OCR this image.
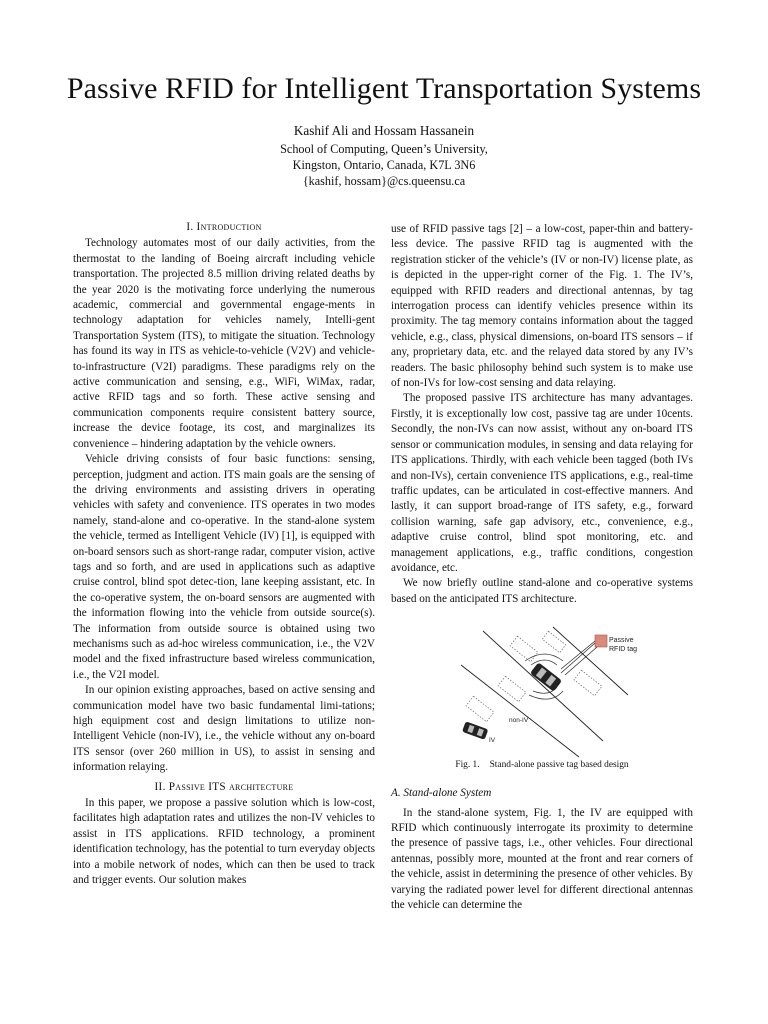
Passive RFID for Intelligent Transportation Systems
Kashif Ali and Hossam Hassanein
School of Computing, Queen’s University,
Kingston, Ontario, Canada, K7L 3N6
{kashif, hossam}@cs.queensu.ca
I. Introduction

Technology automates most of our daily activities, from the thermostat to the landing of Boeing aircraft including vehicle transportation. The projected 8.5 million driving related deaths by the year 2020 is the motivating force underlying the numerous academic, commercial and governmental engage-ments in technology adaptation for vehicles namely, Intelli-gent Transportation System (ITS), to mitigate the situation. Technology has found its way in ITS as vehicle-to-vehicle (V2V) and vehicle-to-infrastructure (V2I) paradigms. These paradigms rely on the active communication and sensing, e.g., WiFi, WiMax, radar, active RFID tags and so forth. These active sensing and communication components require consistent battery source, increase the device footage, its cost, and marginalizes its convenience – hindering adaptation by the vehicle owners.

Vehicle driving consists of four basic functions: sensing, perception, judgment and action. ITS main goals are the sensing of the driving environments and assisting drivers in operating vehicles with safety and convenience. ITS operates in two modes namely, stand-alone and co-operative. In the stand-alone system the vehicle, termed as Intelligent Vehicle (IV) [1], is equipped with on-board sensors such as short-range radar, computer vision, active tags and so forth, and are used in applications such as adaptive cruise control, blind spot detec-tion, lane keeping assistant, etc. In the co-operative system, the on-board sensors are augmented with the information flowing into the vehicle from outside source(s). The information from outside source is obtained using two mechanisms such as ad-hoc wireless communication, i.e., the V2V model and the fixed infrastructure based wireless communication, i.e., the V2I model.

In our opinion existing approaches, based on active sensing and communication model have two basic fundamental limi-tations; high equipment cost and design limitations to utilize non-Intelligent Vehicle (non-IV), i.e., the vehicle without any on-board ITS sensor (over 260 million in US), to assist in sensing and information relaying.

II. Passive ITS architecture

In this paper, we propose a passive solution which is low-cost, facilitates high adaptation rates and utilizes the non-IV vehicles to assist in ITS applications. RFID technology, a prominent identification technology, has the potential to turn everyday objects into a mobile network of nodes, which can then be used to track and trigger events. Our solution makes

use of RFID passive tags [2] – a low-cost, paper-thin and battery-less device. The passive RFID tag is augmented with the registration sticker of the vehicle’s (IV or non-IV) license plate, as is depicted in the upper-right corner of the Fig. 1. The IV’s, equipped with RFID readers and directional antennas, by tag interrogation process can identify vehicles presence within its proximity. The tag memory contains information about the tagged vehicle, e.g., class, physical dimensions, on-board ITS sensors – if any, proprietary data, etc. and the relayed data stored by any IV’s readers. The basic philosophy behind such system is to make use of non-IVs for low-cost sensing and data relaying.

The proposed passive ITS architecture has many advantages. Firstly, it is exceptionally low cost, passive tag are under 10cents. Secondly, the non-IVs can now assist, without any on-board ITS sensor or communication modules, in sensing and data relaying for ITS applications. Thirdly, with each vehicle been tagged (both IVs and non-IVs), certain convenience ITS applications, e.g., real-time traffic updates, can be articulated in cost-effective manners. And lastly, it can support broad-range of ITS safety, e.g., forward collision warning, safe gap advisory, etc., convenience, e.g., adaptive cruise control, blind spot monitoring, etc. and management applications, e.g., traffic conditions, congestion avoidance, etc.

We now briefly outline stand-alone and co-operative systems based on the anticipated ITS architecture.

Passive
RFID tag
non-IV
IV
Fig. 1. Stand-alone passive tag based design
A. Stand-alone System

In the stand-alone system, Fig. 1, the IV are equipped with RFID which continuously interrogate its proximity to determine the presence of passive tags, i.e., other vehicles. Four directional antennas, possibly more, mounted at the front and rear corners of the vehicle, assist in determining the presence of other vehicles. By varying the radiated power level for different directional antennas the vehicle can determine the
